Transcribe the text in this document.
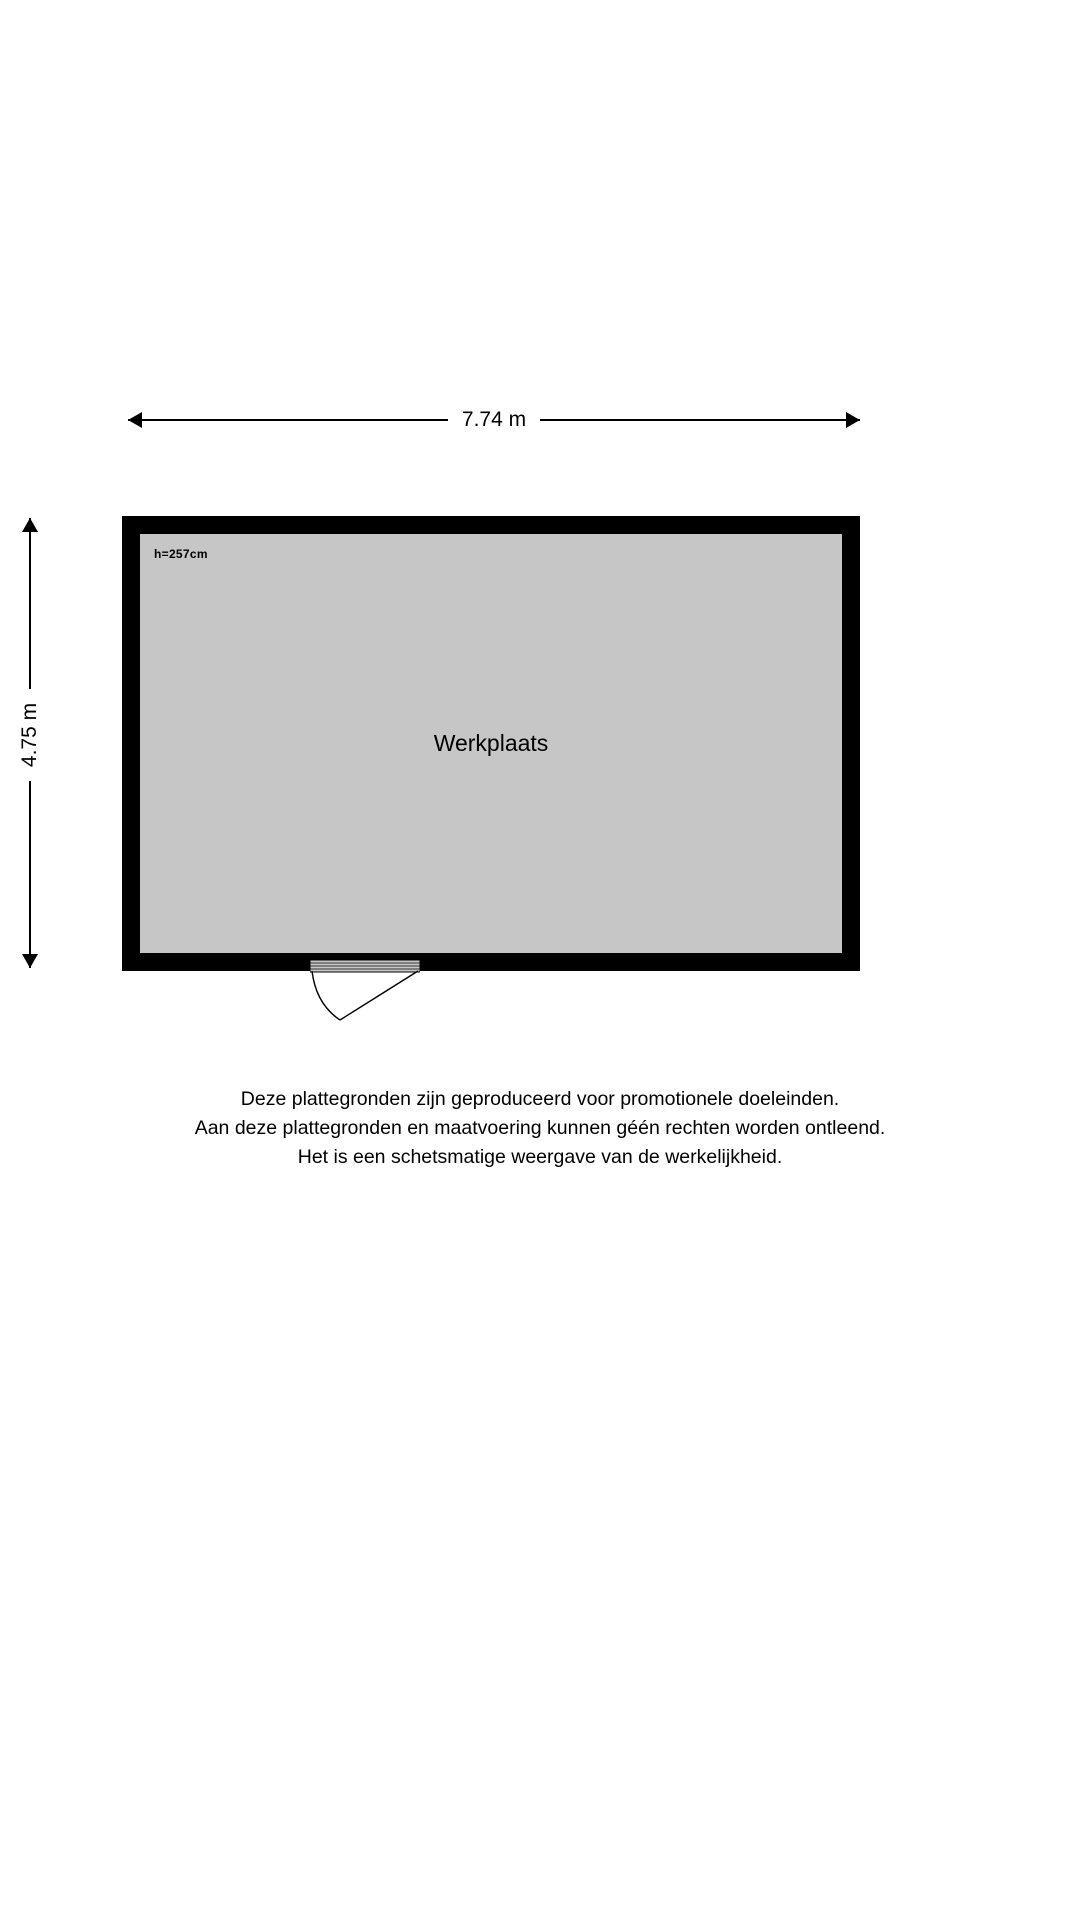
7.74 m
4.75 m
h=257cm
Werkplaats
Deze plattegronden zijn geproduceerd voor promotionele doeleinden.
Aan deze plattegronden en maatvoering kunnen géén rechten worden ontleend.
Het is een schetsmatige weergave van de werkelijkheid.
